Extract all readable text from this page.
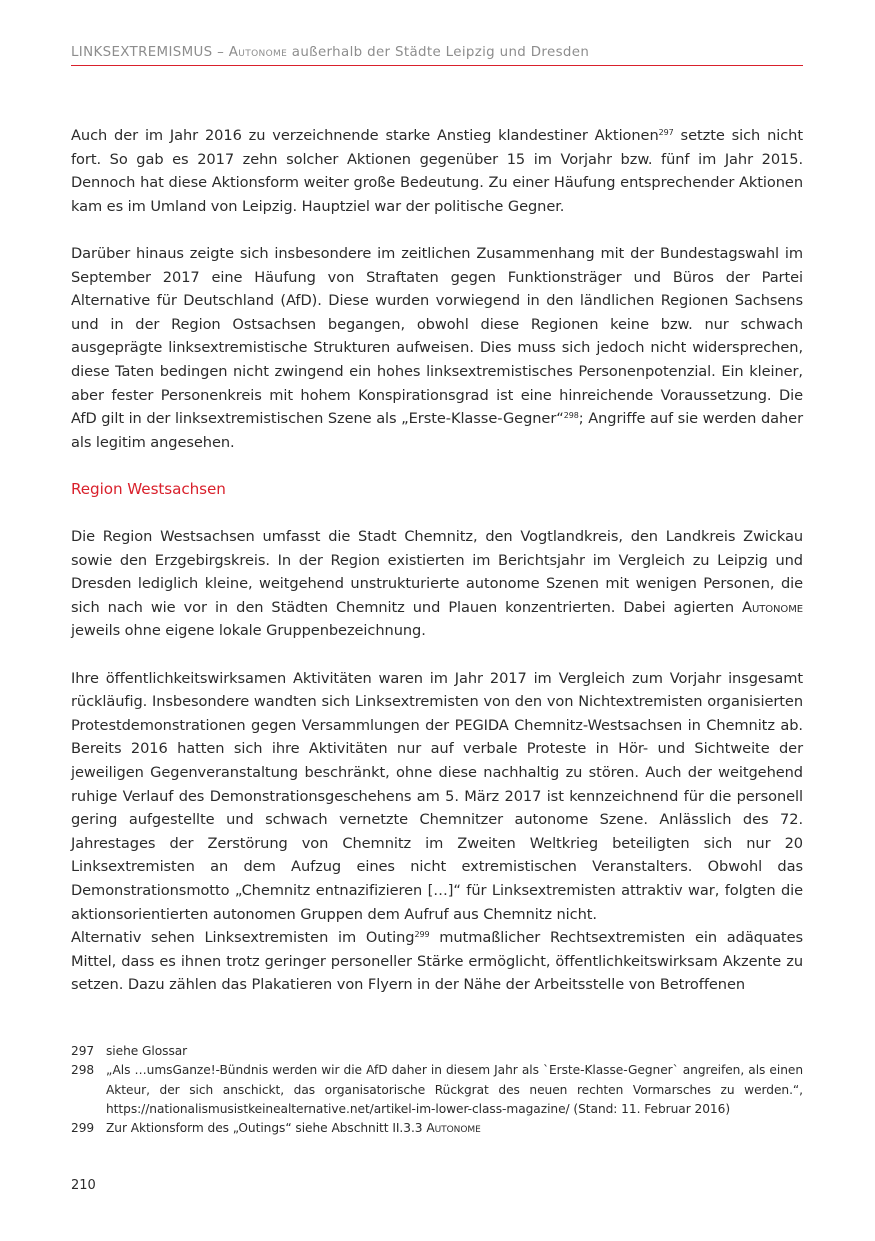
LINKSEXTREMISMUS – Autonome außerhalb der Städte Leipzig und Dresden

Auch der im Jahr 2016 zu verzeichnende starke Anstieg klandestiner Aktionen$^{297}$ setzte sich nicht fort. So gab es 2017 zehn solcher Aktionen gegenüber 15 im Vorjahr bzw. fünf im Jahr 2015. Dennoch hat diese Aktionsform weiter große Bedeutung. Zu einer Häufung entsprechender Aktionen kam es im Umland von Leipzig. Hauptziel war der politische Gegner.

Darüber hinaus zeigte sich insbesondere im zeitlichen Zusammenhang mit der Bundestagswahl im September 2017 eine Häufung von Straftaten gegen Funktionsträger und Büros der Partei Alternative für Deutschland (AfD). Diese wurden vorwiegend in den ländlichen Regionen Sachsens und in der Region Ostsachsen begangen, obwohl diese Regionen keine bzw. nur schwach ausgeprägte linksextremistische Strukturen aufweisen. Dies muss sich jedoch nicht widersprechen, diese Taten bedingen nicht zwingend ein hohes linksextremistisches Personenpotenzial. Ein kleiner, aber fester Personenkreis mit hohem Konspirationsgrad ist eine hinreichende Voraussetzung. Die AfD gilt in der linksextremistischen Szene als „Erste-Klasse-Gegner“$^{298}$; Angriffe auf sie werden daher als legitim angesehen.

Region Westsachsen

Die Region Westsachsen umfasst die Stadt Chemnitz, den Vogtlandkreis, den Landkreis Zwickau sowie den Erzgebirgskreis. In der Region existierten im Berichtsjahr im Vergleich zu Leipzig und Dresden lediglich kleine, weitgehend unstrukturierte autonome Szenen mit wenigen Personen, die sich nach wie vor in den Städten Chemnitz und Plauen konzentrierten. Dabei agierten Autonome jeweils ohne eigene lokale Gruppenbezeichnung.

Ihre öffentlichkeitswirksamen Aktivitäten waren im Jahr 2017 im Vergleich zum Vorjahr insgesamt rückläufig. Insbesondere wandten sich Linksextremisten von den von Nichtextremisten organisierten Protestdemonstrationen gegen Versammlungen der PEGIDA Chemnitz-Westsachsen in Chemnitz ab. Bereits 2016 hatten sich ihre Aktivitäten nur auf verbale Proteste in Hör- und Sichtweite der jeweiligen Gegenveranstaltung beschränkt, ohne diese nachhaltig zu stören. Auch der weitgehend ruhige Verlauf des Demonstrationsgeschehens am 5. März 2017 ist kennzeichnend für die personell gering aufgestellte und schwach vernetzte Chemnitzer autonome Szene. Anlässlich des 72. Jahrestages der Zerstörung von Chemnitz im Zweiten Weltkrieg beteiligten sich nur 20 Linksextremisten an dem Aufzug eines nicht extremistischen Veranstalters. Obwohl das Demonstrationsmotto „Chemnitz entnazifizieren […]“ für Linksextremisten attraktiv war, folgten die aktionsorientierten autonomen Gruppen dem Aufruf aus Chemnitz nicht.

Alternativ sehen Linksextremisten im Outing$^{299}$ mutmaßlicher Rechtsextremisten ein adäquates Mittel, dass es ihnen trotz geringer personeller Stärke ermöglicht, öffentlichkeitswirksam Akzente zu setzen. Dazu zählen das Plakatieren von Flyern in der Nähe der Arbeitsstelle von Betroffenen

297 siehe Glossar
298 „Als …umsGanze!-Bündnis werden wir die AfD daher in diesem Jahr als `Erste-Klasse-Gegner` angreifen, als einen Akteur, der sich anschickt, das organisatorische Rückgrat des neuen rechten Vormarsches zu werden.“, https://nationalismusistkeinealternative.net/artikel-im-lower-class-magazine/ (Stand: 11. Februar 2016)
299 Zur Aktionsform des „Outings“ siehe Abschnitt II.3.3 Autonome
210
